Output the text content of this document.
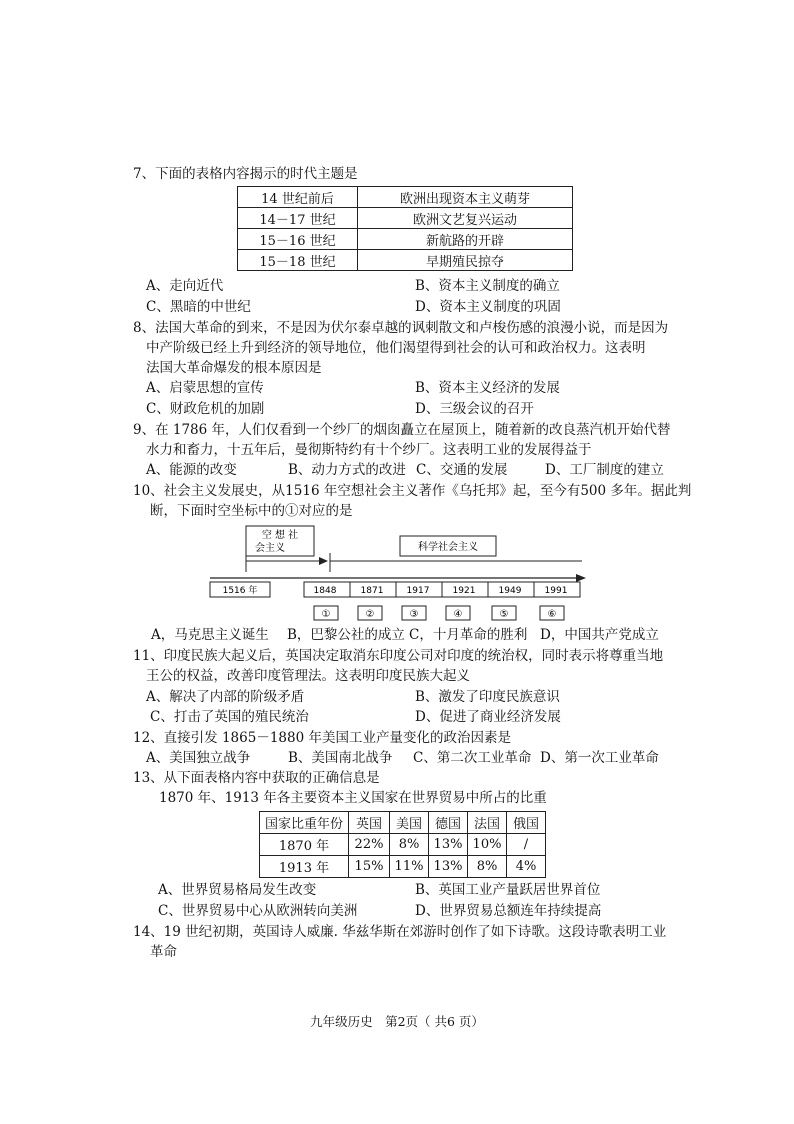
7、下面的表格内容揭示的时代主题是
14 世纪前后	欧洲出现资本主义萌芽
14－17 世纪	欧洲文艺复兴运动
15－16 世纪	新航路的开辟
15－18 世纪	早期殖民掠夺
A、走向近代	B、资本主义制度的确立
C、黑暗的中世纪	D、资本主义制度的巩固
8、法国大革命的到来，不是因为伏尔泰卓越的讽刺散文和卢梭伤感的浪漫小说，而是因为
中产阶级已经上升到经济的领导地位，他们渴望得到社会的认可和政治权力。这表明
法国大革命爆发的根本原因是
A、启蒙思想的宣传	B、资本主义经济的发展
C、财政危机的加剧	D、三级会议的召开
9、在 1786 年，人们仅看到一个纱厂的烟囱矗立在屋顶上，随着新的改良蒸汽机开始代替
水力和畜力，十五年后，曼彻斯特约有十个纱厂。这表明工业的发展得益于
A、能源的改变	B、动力方式的改进 C、交通的发展	D、工厂制度的建立
10、社会主义发展史，从1516 年空想社会主义著作《乌托邦》起，至今有500 多年。据此判
断，下面时空坐标中的①对应的是
空 想 社
会主义	科学社会主义
1516 年	1848	1871	1917	1921	1949	1991
①	②	③	④	⑤	⑥
A，马克思主义诞生 B，巴黎公社的成立 C，十月革命的胜利 D，中国共产党成立
11、印度民族大起义后，英国决定取消东印度公司对印度的统治权，同时表示将尊重当地
王公的权益，改善印度管理法。这表明印度民族大起义
A、解决了内部的阶级矛盾	B、激发了印度民族意识
C、打击了英国的殖民统治	D、促进了商业经济发展
12、直接引发 1865－1880 年美国工业产量变化的政治因素是
A、美国独立战争	B、美国南北战争 C、第二次工业革命 D、第一次工业革命
13、从下面表格内容中获取的正确信息是
1870 年、1913 年各主要资本主义国家在世界贸易中所占的比重
国家比重年份	英国	美国	德国	法国	俄国
1870 年	22%	8%	13%	10%	/
1913 年	15%	11%	13%	8%	4%
A、世界贸易格局发生改变	B、英国工业产量跃居世界首位
C、世界贸易中心从欧洲转向美洲	D、世界贸易总额连年持续提高
14、19 世纪初期，英国诗人威廉. 华兹华斯在郊游时创作了如下诗歌。这段诗歌表明工业
革命
九年级历史　第2页（ 共6 页）
